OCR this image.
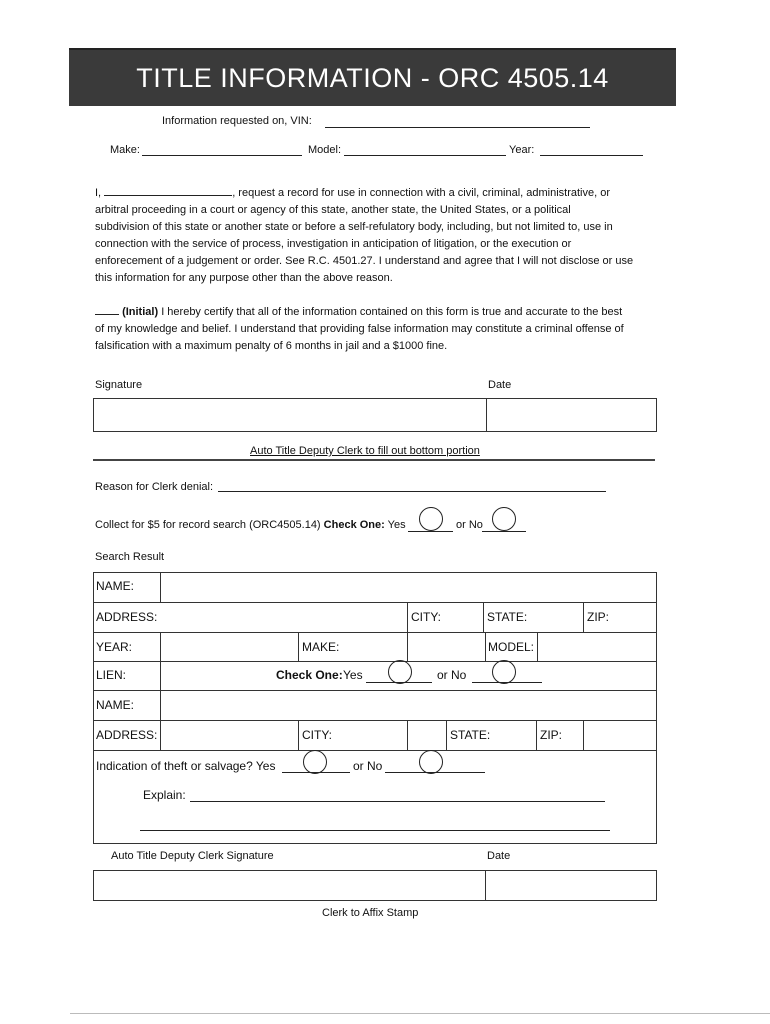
TITLE INFORMATION - ORC 4505.14
Information requested on, VIN:
Make:	Model:	Year:
I,	, request a record for use in connection with a civil, criminal, administrative, or
arbitral proceeding in a court or agency of this state, another state, the United States, or a political
subdivision of this state or another state or before a self-refulatory body, including, but not limited to, use in
connection with the service of process, investigation in anticipation of litigation, or the execution or
enforecement of a judgement or order. See R.C. 4501.27. I understand and agree that I will not disclose or use
this information for any purpose other than the above reason.
(Initial) I hereby certify that all of the information contained on this form is true and accurate to the best
of my knowledge and belief. I understand that providing false information may constitute a criminal offense of
falsification with a maximum penalty of 6 months in jail and a $1000 fine.
Signature	Date
Auto Title Deputy Clerk to fill out bottom portion
Reason for Clerk denial:
Collect for $5 for record search (ORC4505.14) Check One: Yes	or No
Search Result
NAME:
ADDRESS:	CITY:	STATE:	ZIP:
YEAR:	MAKE:	MODEL:
LIEN:	Check One: Yes	or No
NAME:
ADDRESS:	CITY:	STATE:	ZIP:
Indication of theft or salvage? Yes	or No
Explain:
Auto Title Deputy Clerk Signature	Date
Clerk to Affix Stamp
